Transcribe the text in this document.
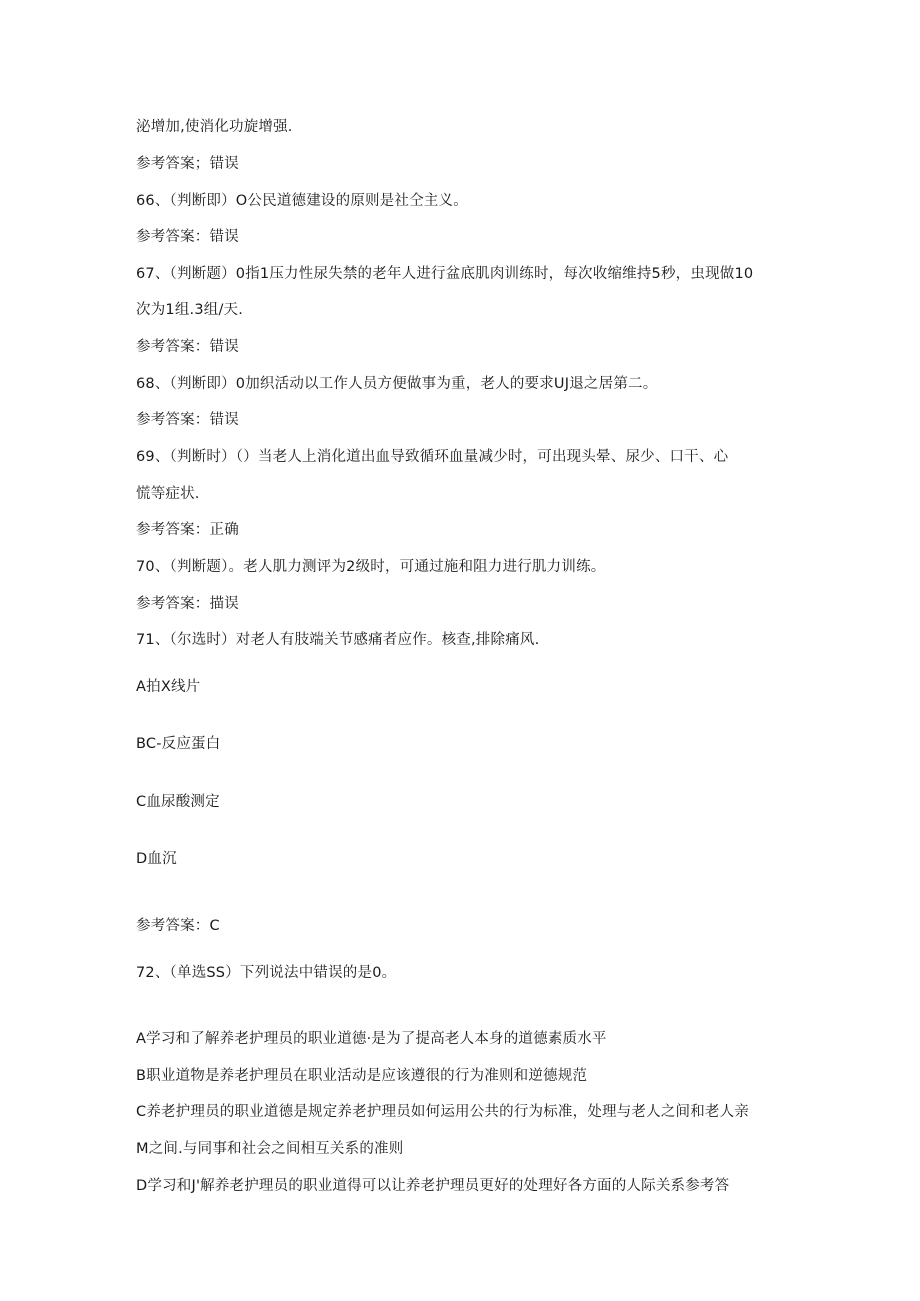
泌增加,使消化功旋增强.
参考答案；错误
66、（判断即）O公民道德建设的原则是社仝主义。
参考答案：错误
67、（判断题）0指1压力性尿失禁的老年人进行盆底肌肉训练时，每次收缩维持5秒，虫现做10
次为1组.3组/天.
参考答案：错误
68、（判断即）0加织活动以工作人员方便做事为重，老人的要求UJ退之居第二。
参考答案：错误
69、（判断时）（）当老人上消化道出血导致循环血量减少时，可出现头晕、尿少、口干、心
慌等症状.
参考答案：正确
70、（判断题）。老人肌力测评为2级时，可通过施和阻力进行肌力训练。
参考答案：描误
71、（尔选时）对老人有肢端关节感痛者应作。核查,排除痛风.
A拍X线片
BC-反应蛋白
C血尿酸测定
D血沉
参考答案：C
72、（单选SS）下列说法中错误的是0。
A学习和了解养老护理员的职业道德·是为了提高老人本身的道德素质水平
B职业道物是养老护理员在职业活动是应该遵很的行为准则和逆德规范
C养老护理员的职业道德是规定养老护理员如何运用公共的行为标准，处理与老人之间和老人亲
M之间.与同事和社会之间相互关系的准则
D学习和J'解养老护理员的职业道得可以让养老护理员更好的处理好各方面的人际关系参考答
